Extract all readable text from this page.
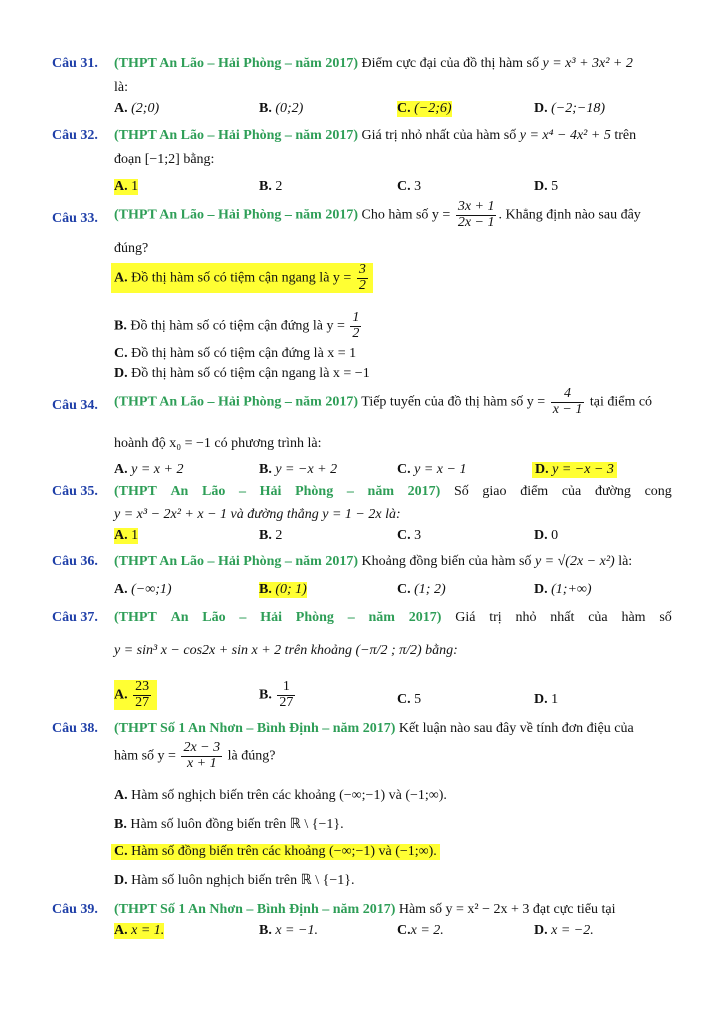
Câu 31. (THPT An Lão – Hải Phòng – năm 2017) Điểm cực đại của đồ thị hàm số y = x³ + 3x² + 2
là:
A. (2;0)	B. (0;2)	C. (−2;6)	D. (−2;−18)
Câu 32. (THPT An Lão – Hải Phòng – năm 2017) Giá trị nhỏ nhất của hàm số y = x⁴ − 4x² + 5 trên
đoạn [−1;2] bằng:
A. 1	B. 2	C. 3	D. 5
Câu 33. (THPT An Lão – Hải Phòng – năm 2017) Cho hàm số $y = \frac{3x + 1}{2x - 1}$ . Khẳng định nào sau đây
đúng?
A. Đồ thị hàm số có tiệm cận ngang là $y = \frac{3}{2}$
B. Đồ thị hàm số có tiệm cận đứng là $y = \frac{1}{2}$
C. Đồ thị hàm số có tiệm cận đứng là x = 1
D. Đồ thị hàm số có tiệm cận ngang là x = −1
Câu 34. (THPT An Lão – Hải Phòng – năm 2017) Tiếp tuyến của đồ thị hàm số $y = \frac{4}{x - 1}$ tại điểm có
hoành độ x₀ = −1 có phương trình là:
A. y = x + 2	B. y = −x + 2	C. y = x − 1	D. y = −x − 3
Câu 35. (THPT An Lão – Hải Phòng – năm 2017) Số giao điểm của đường cong
y = x³ − 2x² + x − 1 và đường thẳng y = 1 − 2x là:
A. 1	B. 2	C. 3	D. 0
Câu 36. (THPT An Lão – Hải Phòng – năm 2017) Khoảng đồng biến của hàm số y = √(2x − x²) là:
A. (−∞;1)	B. (0; 1)	C. (1; 2)	D. (1;+∞)
Câu 37. (THPT An Lão – Hải Phòng – năm 2017) Giá trị nhỏ nhất của hàm số
y = sin³ x − cos2x + sin x + 2 trên khoảng (−π/2 ; π/2) bằng:
A. $\frac{23}{27}$	B. $\frac{1}{27}$	C. 5	D. 1
Câu 38. (THPT Số 1 An Nhơn – Bình Định – năm 2017) Kết luận nào sau đây về tính đơn điệu của
hàm số $y = \frac{2x - 3}{x + 1}$ là đúng?
A. Hàm số nghịch biến trên các khoảng (−∞;−1) và (−1;∞).
B. Hàm số luôn đồng biến trên ℝ \ {−1}.
C. Hàm số đồng biến trên các khoảng (−∞;−1) và (−1;∞).
D. Hàm số luôn nghịch biến trên ℝ \ {−1}.
Câu 39. (THPT Số 1 An Nhơn – Bình Định – năm 2017) Hàm số y = x² − 2x + 3 đạt cực tiểu tại
A. x = 1.	B. x = −1.	C.x = 2.	D. x = −2.
